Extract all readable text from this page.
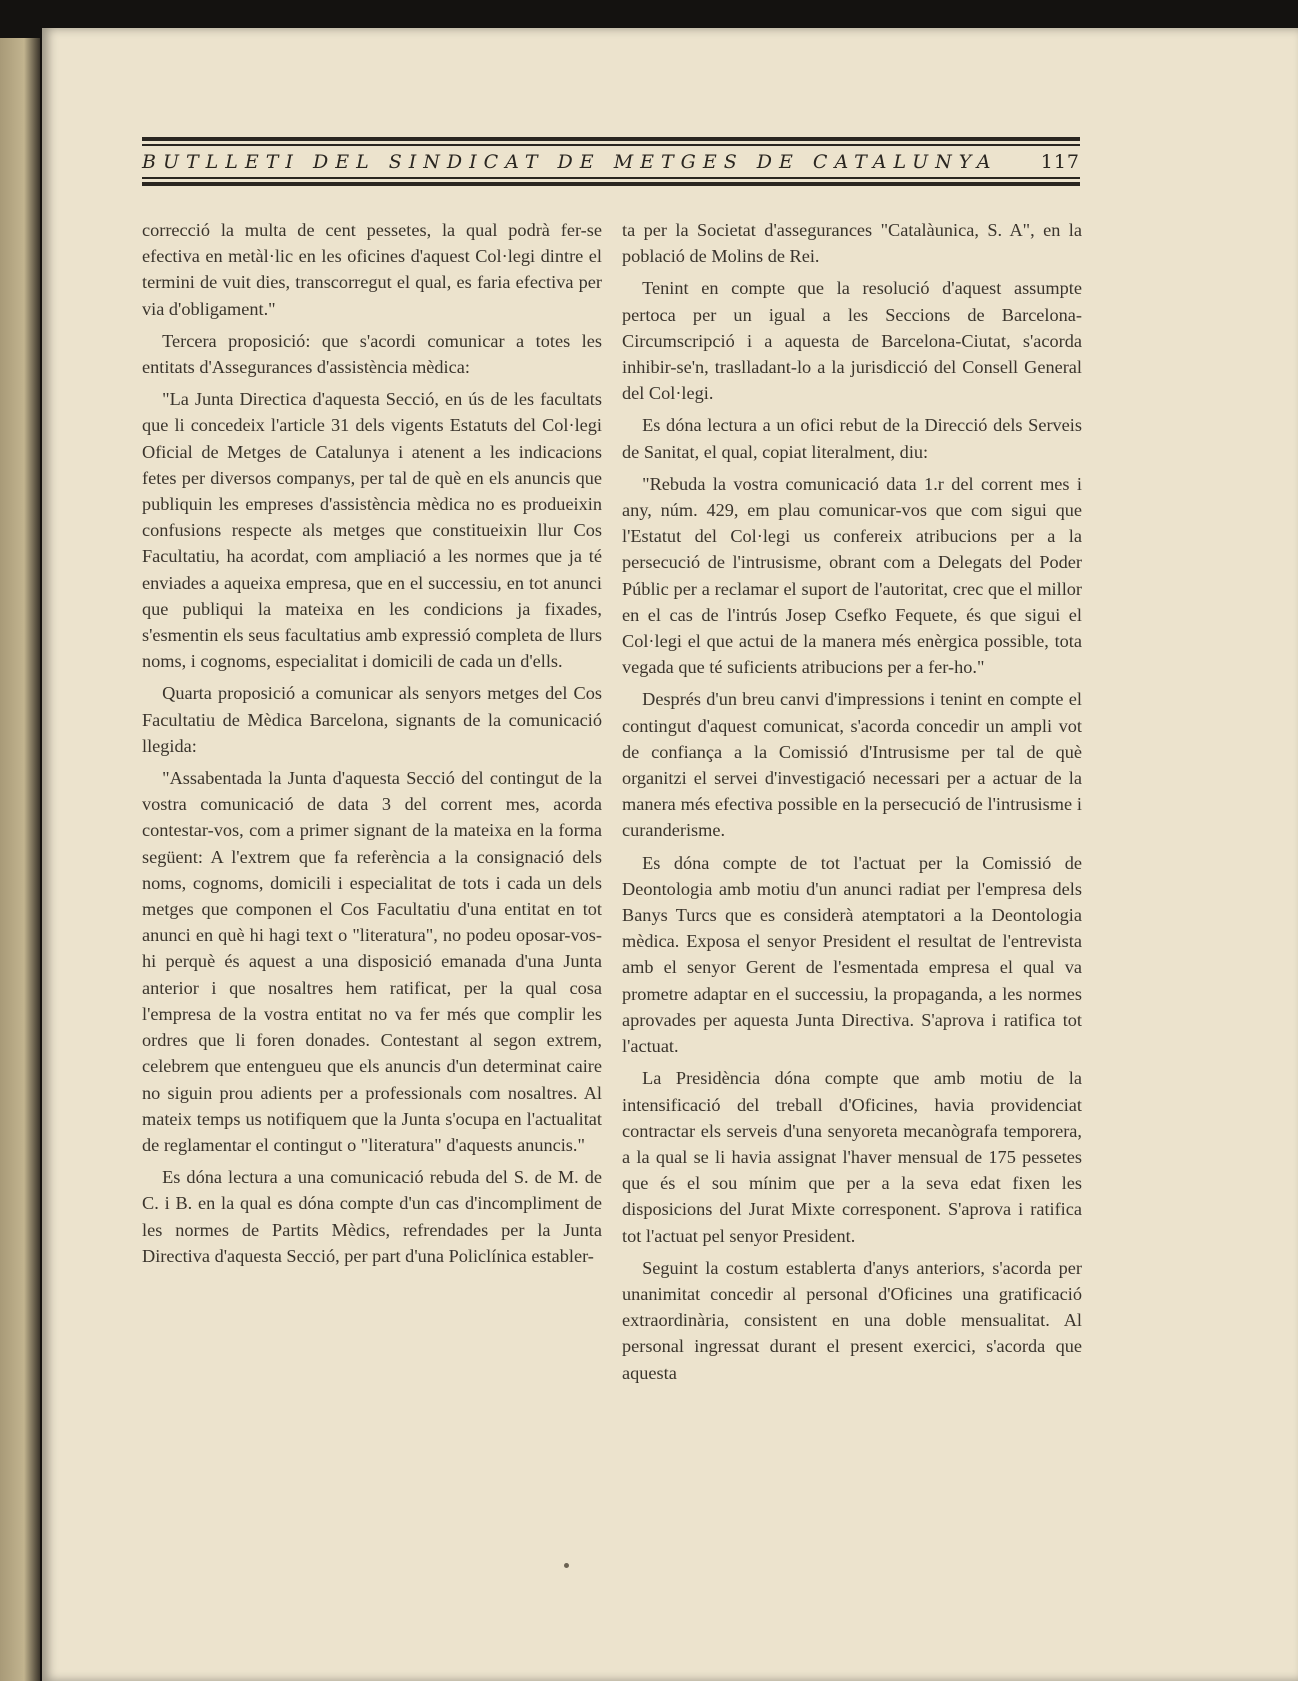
BUTLLETI DEL SINDICAT DE METGES DE CATALUNYA 117

correcció la multa de cent pessetes, la qual podrà fer-se efectiva en metàl·lic en les oficines d'aquest Col·legi dintre el termini de vuit dies, transcorregut el qual, es faria efectiva per via d'obligament."

Tercera proposició: que s'acordi comunicar a totes les entitats d'Assegurances d'assistència mèdica:

"La Junta Directica d'aquesta Secció, en ús de les facultats que li concedeix l'article 31 dels vigents Estatuts del Col·legi Oficial de Metges de Catalunya i atenent a les indicacions fetes per diversos companys, per tal de què en els anuncis que publiquin les empreses d'assistència mèdica no es produeixin confusions respecte als metges que constitueixin llur Cos Facultatiu, ha acordat, com ampliació a les normes que ja té enviades a aqueixa empresa, que en el successiu, en tot anunci que publiqui la mateixa en les condicions ja fixades, s'esmentin els seus facultatius amb expressió completa de llurs noms, i cognoms, especialitat i domicili de cada un d'ells.

Quarta proposició a comunicar als senyors metges del Cos Facultatiu de Mèdica Barcelona, signants de la comunicació llegida:

"Assabentada la Junta d'aquesta Secció del contingut de la vostra comunicació de data 3 del corrent mes, acorda contestar-vos, com a primer signant de la mateixa en la forma següent: A l'extrem que fa referència a la consignació dels noms, cognoms, domicili i especialitat de tots i cada un dels metges que componen el Cos Facultatiu d'una entitat en tot anunci en què hi hagi text o "literatura", no podeu oposar-vos-hi perquè és aquest a una disposició emanada d'una Junta anterior i que nosaltres hem ratificat, per la qual cosa l'empresa de la vostra entitat no va fer més que complir les ordres que li foren donades. Contestant al segon extrem, celebrem que entengueu que els anuncis d'un determinat caire no siguin prou adients per a professionals com nosaltres. Al mateix temps us notifiquem que la Junta s'ocupa en l'actualitat de reglamentar el contingut o "literatura" d'aquests anuncis."

Es dóna lectura a una comunicació rebuda del S. de M. de C. i B. en la qual es dóna compte d'un cas d'incompliment de les normes de Partits Mèdics, refrendades per la Junta Directiva d'aquesta Secció, per part d'una Policlínica establer-

ta per la Societat d'assegurances "Catalàunica, S. A", en la població de Molins de Rei.

Tenint en compte que la resolució d'aquest assumpte pertoca per un igual a les Seccions de Barcelona-Circumscripció i a aquesta de Barcelona-Ciutat, s'acorda inhibir-se'n, traslladant-lo a la jurisdicció del Consell General del Col·legi.

Es dóna lectura a un ofici rebut de la Direcció dels Serveis de Sanitat, el qual, copiat literalment, diu:

"Rebuda la vostra comunicació data 1.r del corrent mes i any, núm. 429, em plau comunicar-vos que com sigui que l'Estatut del Col·legi us confereix atribucions per a la persecució de l'intrusisme, obrant com a Delegats del Poder Públic per a reclamar el suport de l'autoritat, crec que el millor en el cas de l'intrús Josep Csefko Fequete, és que sigui el Col·legi el que actui de la manera més enèrgica possible, tota vegada que té suficients atribucions per a fer-ho."

Després d'un breu canvi d'impressions i tenint en compte el contingut d'aquest comunicat, s'acorda concedir un ampli vot de confiança a la Comissió d'Intrusisme per tal de què organitzi el servei d'investigació necessari per a actuar de la manera més efectiva possible en la persecució de l'intrusisme i curanderisme.

Es dóna compte de tot l'actuat per la Comissió de Deontologia amb motiu d'un anunci radiat per l'empresa dels Banys Turcs que es considerà atemptatori a la Deontologia mèdica. Exposa el senyor President el resultat de l'entrevista amb el senyor Gerent de l'esmentada empresa el qual va prometre adaptar en el successiu, la propaganda, a les normes aprovades per aquesta Junta Directiva. S'aprova i ratifica tot l'actuat.

La Presidència dóna compte que amb motiu de la intensificació del treball d'Oficines, havia providenciat contractar els serveis d'una senyoreta mecanògrafa temporera, a la qual se li havia assignat l'haver mensual de 175 pessetes que és el sou mínim que per a la seva edat fixen les disposicions del Jurat Mixte corresponent. S'aprova i ratifica tot l'actuat pel senyor President.

Seguint la costum establerta d'anys anteriors, s'acorda per unanimitat concedir al personal d'Oficines una gratificació extraordinària, consistent en una doble mensualitat. Al personal ingressat durant el present exercici, s'acorda que aquesta
